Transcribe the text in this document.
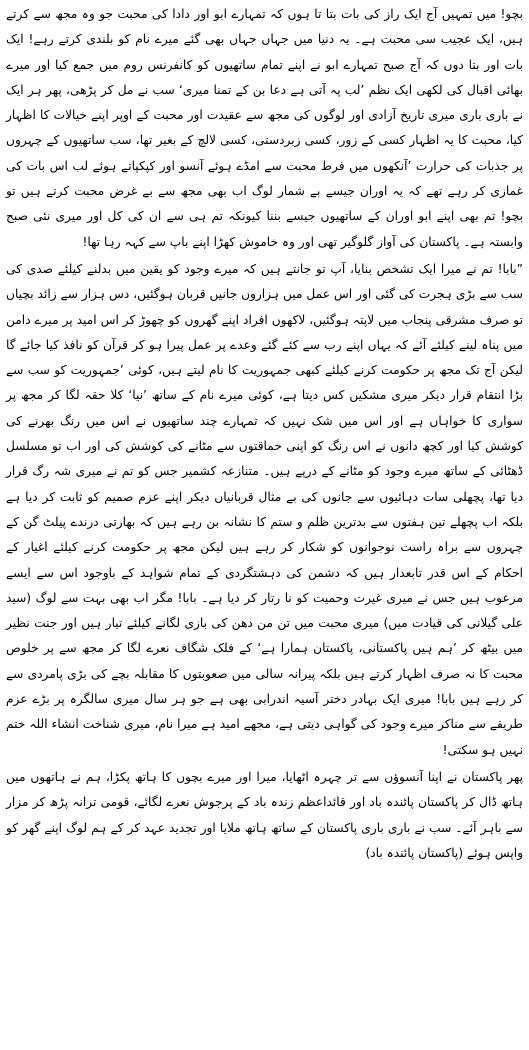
بچو! میں تمہیں آج ایک راز کی بات بتا تا ہوں کہ تمہارے ابو اور دادا کی محبت جو وہ مجھ سے کرتے ہیں، ایک عجیب سی محبت ہے۔ یہ دنیا میں جہاں جہاں بھی گئے میرے نام کو بلندی کرتے رہے! ایک بات اور بتا دوں کہ آج صبح تمہارے ابو نے اپنے تمام ساتھیوں کو کانفرنس روم میں جمع کیا اور میرے بھائی اقبال کی لکھی ایک نظم ’لب پہ آتی ہے دعا بن کے تمنا میری‘ سب نے مل کر پڑھی، پھر ہر ایک نے باری باری میری تاریخ آزادی اور لوگوں کی مجھ سے عقیدت اور محبت کے اوپر اپنے خیالات کا اظہار کیا، محبت کا یہ اظہار کسی کے زور، کسی زبردستی، کسی لالچ کے بغیر تھا، سب ساتھیوں کے چہروں پر جذبات کی حرارت ’آنکھوں میں فرط محبت سے امڈے ہوئے آنسو اور کپکپاتے ہوئے لب اس بات کی غمازی کر رہے تھے کہ یہ اوران جیسے بے شمار لوگ اب بھی مجھ سے بے غرض محبت کرتے ہیں تو بچو! تم بھی اپنے ابو اوران کے ساتھیوں جیسے بننا کیونکہ تم ہی سے ان کی کل اور میری نئی صبح وابستہ ہے۔ پاکستان کی آواز گلوگیر تھی اور وہ خاموش کھڑا اپنے باپ سے کہہ رہا تھا!

”بابا! تم نے میرا ایک تشخص بنایا، آپ تو جانتے ہیں کہ میرے وجود کو یقین میں بدلنے کیلئے صدی کی سب سے بڑی ہجرت کی گئی اور اس عمل میں ہزاروں جانیں قربان ہوگئیں، دس ہزار سے زائد بچیاں تو صرف مشرقی پنجاب میں لاپتہ ہوگئیں، لاکھوں افراد اپنے گھروں کو چھوڑ کر اس امید پر میرے دامن میں پناہ لینے کیلئے آئے کہ یہاں اپنے رب سے کئے گئے وعدے پر عمل پیرا ہو کر قرآن کو نافذ کیا جائے گا لیکن آج تک مجھ پر حکومت کرنے کیلئے کبھی جمہوریت کا نام لیتے ہیں، کوئی ’جمہوریت کو سب سے بڑا انتقام قرار دیکر میری مشکیں کس دیتا ہے، کوئی میرے نام کے ساتھ ’نیا‘ کلا حقہ لگا کر مجھ پر سواری کا خواہاں ہے اور اس میں شک نہیں کہ تمہارے چند ساتھیوں نے اس میں رنگ بھرنے کی کوشش کیا اور کچھ دانوں نے اس رنگ کو اپنی حماقتوں سے مٹانے کی کوشش کی اور اب تو مسلسل ڈھٹائی کے ساتھ میرے وجود کو مٹانے کے درپے ہیں۔ متنازعہ کشمیر جس کو تم نے میری شہ رگ قرار دیا تھا، پچھلی سات دہائیوں سے جانوں کی بے مثال قربانیاں دیکر اپنے عزم صمیم کو ثابت کر دیا ہے بلکہ اب پچھلے تین ہفتوں سے بدترین ظلم و ستم کا نشانہ بن رہے ہیں کہ بھارتی درندے پیلٹ گن کے چہروں سے براہ راست نوجوانوں کو شکار کر رہے ہیں لیکن مجھ پر حکومت کرنے کیلئے اغیار کے احکام کے اس قدر تابعدار ہیں کہ دشمن کی دہشتگردی کے تمام شواہد کے باوجود اس سے ایسے مرعوب ہیں جس نے میری غیرت وحمیت کو نا رتار کر دیا ہے۔ بابا! مگر اب بھی بہت سے لوگ (سید علی گیلانی کی قیادت میں) میری محبت میں تن من دھن کی بازی لگانے کیلئے تیار ہیں اور جنت نظیر میں بیٹھ کر ’ہم ہیں پاکستانی، پاکستان ہمارا ہے‘ کے فلک شگاف نعرے لگا کر مجھ سے پر خلوص محبت کا نہ صرف اظہار کرتے ہیں بلکہ پیرانہ سالی میں صعوبتوں کا مقابلہ بچے کی بڑی پامردی سے کر رہے ہیں بابا! میری ایک بہادر دختر آسیہ اندرابی بھی ہے جو ہر سال میری سالگرہ پر بڑے عزم طریقے سے مناکر میرے وجود کی گواہی دیتی ہے، مجھے امید ہے میرا نام، میری شناخت انشاء اللہ ختم نہیں ہو سکتی!

پھر پاکستان نے اپنا آنسوؤں سے تر چہرہ اٹھایا، میرا اور میرے بچوں کا ہاتھ پکڑا، ہم نے ہاتھوں میں ہاتھ ڈال کر پاکستان پائندہ باد اور قائداعظم زندہ باد کے پرجوش نعرے لگائے، قومی ترانہ پڑھ کر مزار سے باہر آئے۔ سب نے باری باری پاکستان کے ساتھ ہاتھ ملایا اور تجدید عہد کر کے ہم لوگ اپنے گھر کو واپس ہوئے (پاکستان پائندہ باد)
